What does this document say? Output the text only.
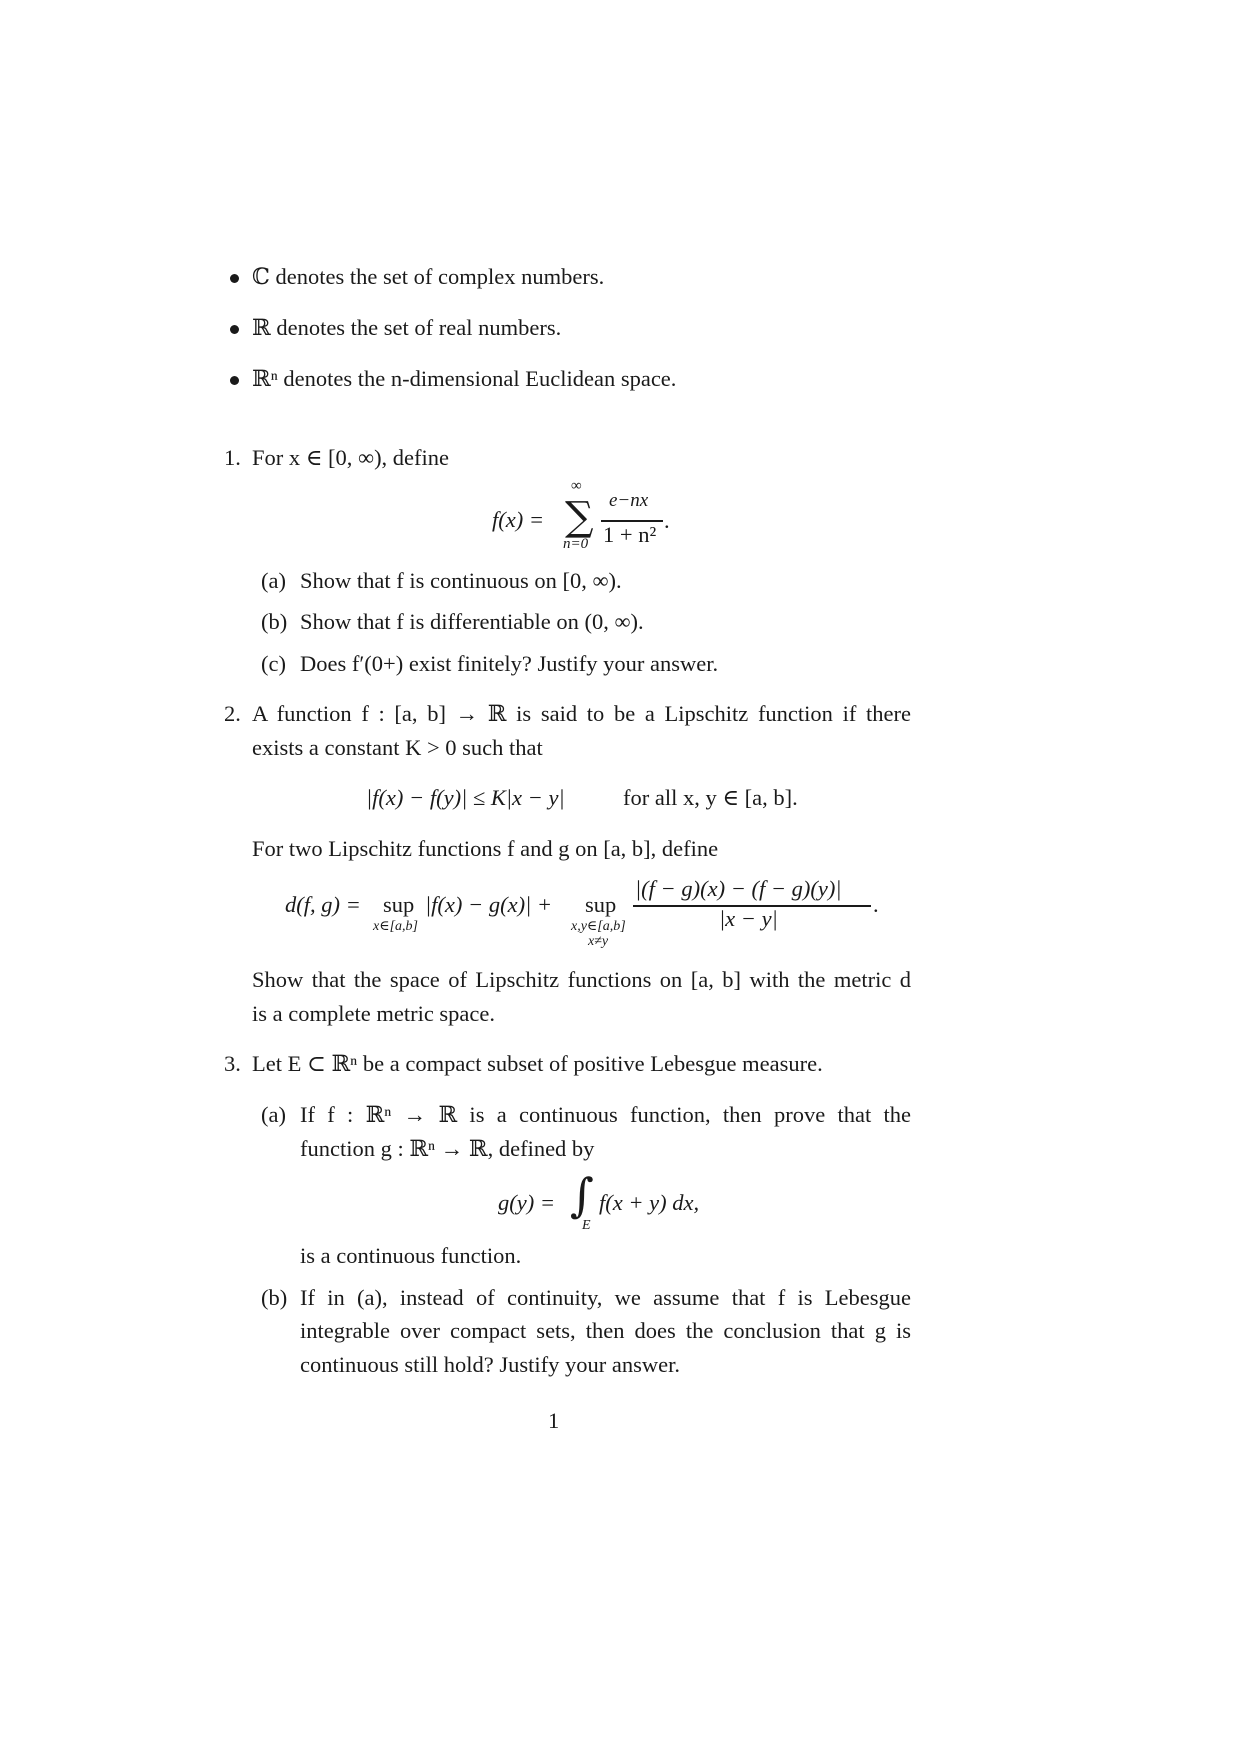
ℂ denotes the set of complex numbers.
ℝ denotes the set of real numbers.
ℝⁿ denotes the n-dimensional Euclidean space.
1. For x ∈ [0, ∞), define
f(x) =
∞
∑
n=0
e−nx
1 + n²
.
(a) Show that f is continuous on [0, ∞).
(b) Show that f is differentiable on (0, ∞).
(c) Does f′(0+) exist finitely? Justify your answer.
2. A function f : [a, b] → ℝ is said to be a Lipschitz function if there
exists a constant K > 0 such that
|f(x) − f(y)| ≤ K|x − y|	for all x, y ∈ [a, b].
For two Lipschitz functions f and g on [a, b], define
d(f, g) = sup
x∈[a,b]
|f(x) − g(x)| + sup
x,y∈[a,b]
x≠y
|(f − g)(x) − (f − g)(y)|
|x − y|
.
Show that the space of Lipschitz functions on [a, b] with the metric d
is a complete metric space.
3. Let E ⊂ ℝⁿ be a compact subset of positive Lebesgue measure.
(a) If f : ℝⁿ → ℝ is a continuous function, then prove that the
function g : ℝⁿ → ℝ, defined by
g(y) = ∫
E
f(x + y) dx,
is a continuous function.
(b) If in (a), instead of continuity, we assume that f is Lebesgue
integrable over compact sets, then does the conclusion that g is
continuous still hold? Justify your answer.
1
